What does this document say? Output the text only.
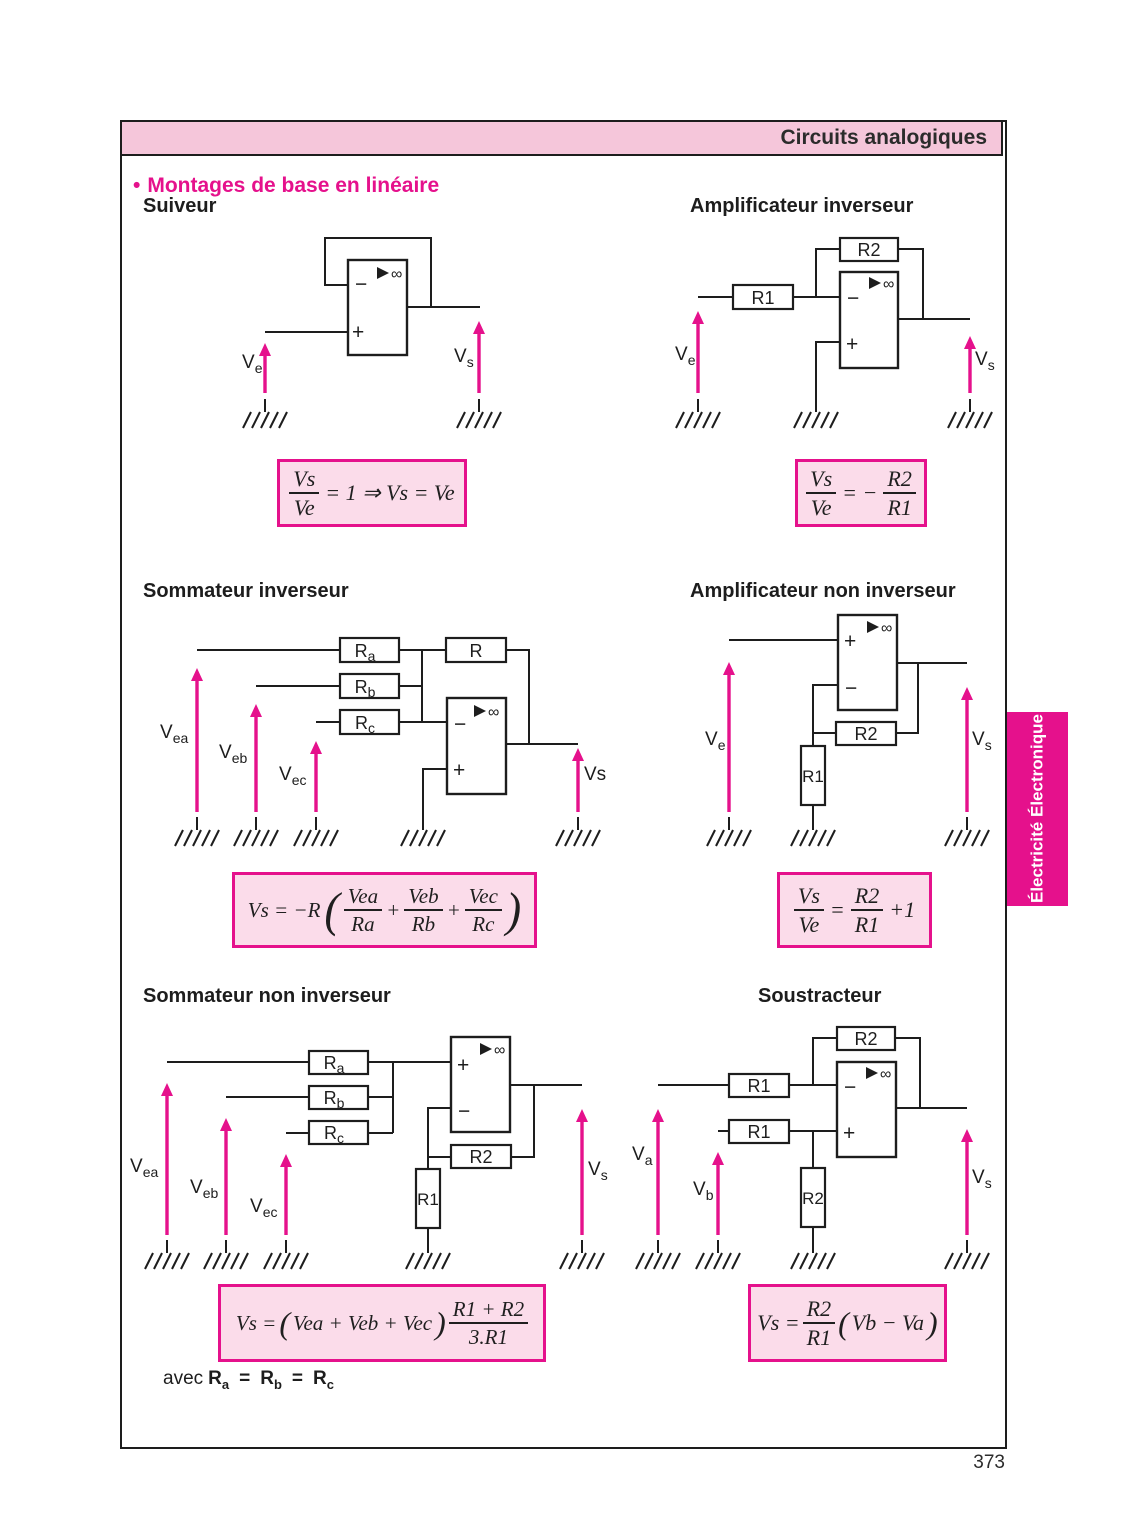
Circuits analogiques
• Montages de base en linéaire
Suiveur	Amplificateur inverseur
Sommateur inverseur	Amplificateur non inverseur
Sommateur non inverseur	Soustracteur
−
+
∞
$V_e$
$V_s$
R1
R2
−
+
∞
$V_e$	$V_s$
$R_a$
$R_b$
$R_c$
R
−
+
∞
$V_{ea}$
$V_{eb}$
$V_{ec}$	Vs
+
−
∞
R2
R1
$V_e$	$V_s$
$R_a$
$R_b$
$R_c$
+
−
∞
R2
R1
$V_{ea}$
$V_{eb}$
$V_{ec}$
$V_s$
R1
R2
−
+
∞
R1
R2
$V_a$
$V_b$
$V_s$
$\frac{Vs}{Ve} = 1$ ⇒ Vs = Ve	$\frac{Vs}{Ve}$ = − $\frac{R2}{R1}$
Vs = −R ( $\frac{\text{Vea}}{Ra} + \frac{\text{Veb}}{Rb} + \frac{\text{Vec}}{Rc}$ )	$\frac{Vs}{Ve} = \frac{R2}{R1} +1$
Vs = ( Vea + Veb + Vec ) $\frac{R1 + R2}{3.R1}$	$Vs = \frac{R2}{R1}$ ( Vb − Va )
avec $R_a = R_b = R_c$
Électricité Électronique
373
